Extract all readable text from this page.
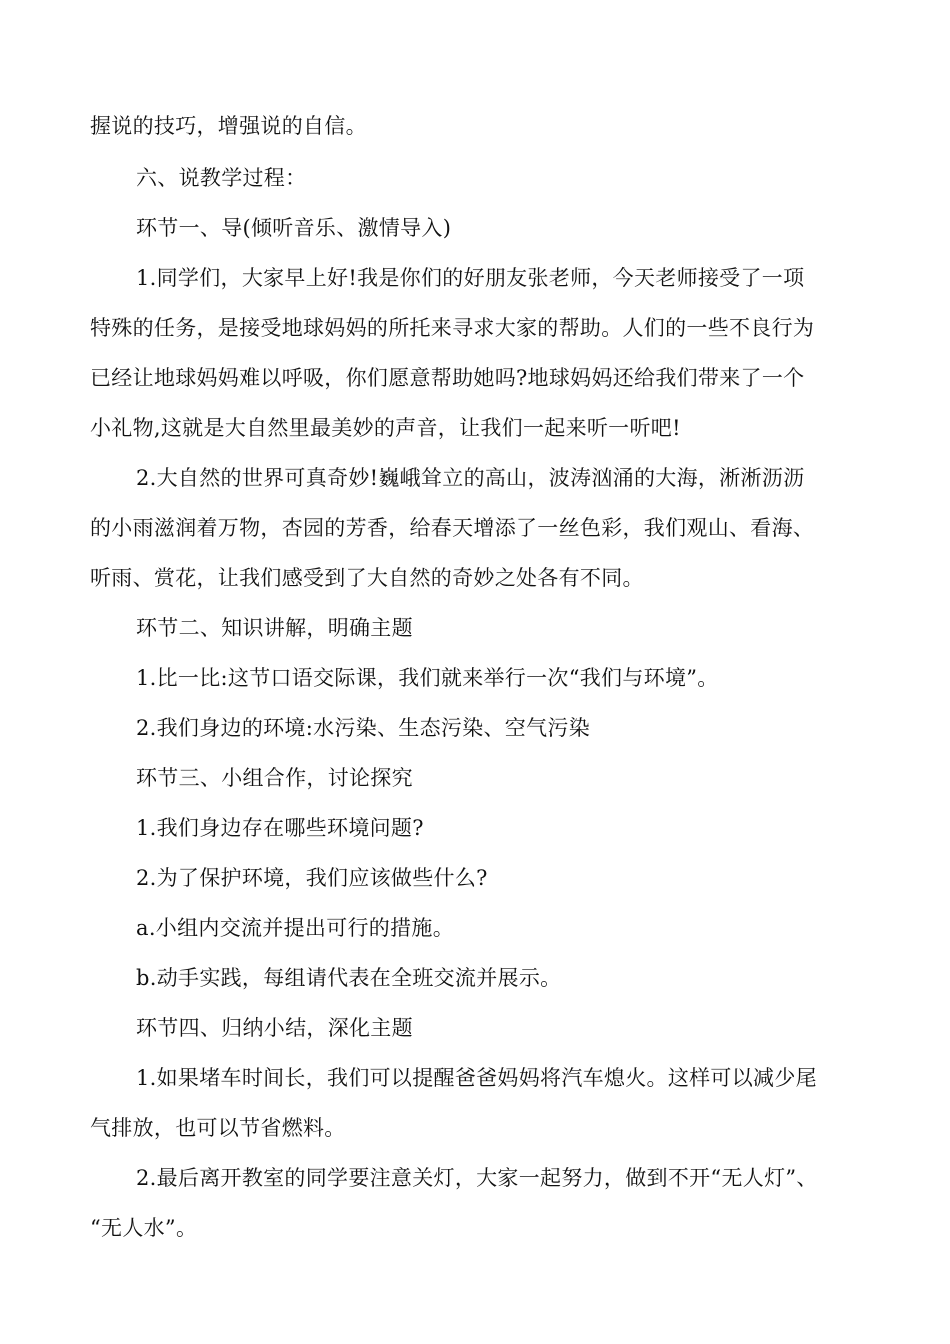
握说的技巧，增强说的自信。
六、说教学过程：
环节一、导(倾听音乐、激情导入)
1.同学们，大家早上好!我是你们的好朋友张老师，今天老师接受了一项
特殊的任务，是接受地球妈妈的所托来寻求大家的帮助。人们的一些不良行为
已经让地球妈妈难以呼吸，你们愿意帮助她吗?地球妈妈还给我们带来了一个
小礼物,这就是大自然里最美妙的声音，让我们一起来听一听吧!
2.大自然的世界可真奇妙!巍峨耸立的高山，波涛汹涌的大海，淅淅沥沥
的小雨滋润着万物，杏园的芳香，给春天增添了一丝色彩，我们观山、看海、
听雨、赏花，让我们感受到了大自然的奇妙之处各有不同。
环节二、知识讲解，明确主题
1.比一比:这节口语交际课，我们就来举行一次“我们与环境”。
2.我们身边的环境:水污染、生态污染、空气污染
环节三、小组合作，讨论探究
1.我们身边存在哪些环境问题?
2.为了保护环境，我们应该做些什么?
a.小组内交流并提出可行的措施。
b.动手实践，每组请代表在全班交流并展示。
环节四、归纳小结，深化主题
1.如果堵车时间长，我们可以提醒爸爸妈妈将汽车熄火。这样可以减少尾
气排放，也可以节省燃料。
2.最后离开教室的同学要注意关灯，大家一起努力，做到不开“无人灯”、
“无人水”。
